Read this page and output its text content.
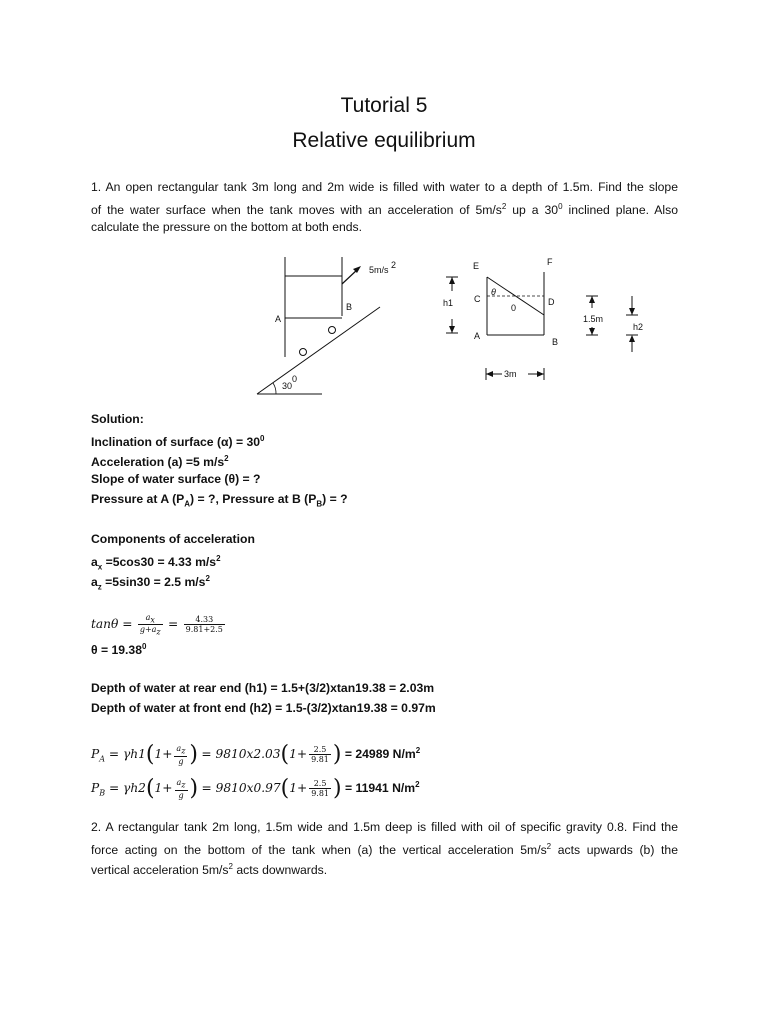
Tutorial 5
Relative equilibrium
1. An open rectangular tank 3m long and 2m wide is filled with water to a depth of 1.5m. Find the slope
of the water surface when the tank moves with an acceleration of $5m/s^2$ up a $30^0$ inclined plane. Also
calculate the pressure on the bottom at both ends.
30
0
5m/s 2
A
B
E	F
θ
0
C	D
A
B
h1
1.5m
h2
3m
Solution:
Inclination of surface $(\alpha) = 30^0$
Acceleration (a) =5 $m/s^2$
Slope of water surface (θ) = ?
Pressure at A $(P_A)$ = ?, Pressure at B $(P_B)$ = ?
Components of acceleration
$a_x =5\cos 30 = 4.33$ $m/s^2$
$a_z =5\sin 30 = 2.5$ $m/s^2$
$\tan\theta = \frac{a_x}{g+a_z} = \frac{4.33}{9.81+2.5}$
$\theta = 19.38^0$
Depth of water at rear end (h1) = 1.5+(3/2)xtan19.38 = 2.03m
Depth of water at front end (h2) = 1.5-(3/2)xtan19.38 = 0.97m
$P_A = \gamma h1(1+ \frac{a_z}{g}$ ) = $9810x2.03(1+ \frac{2.5}{9.81}$ ) = 24989 $N/m^2$
$P_B = \gamma h2(1+ \frac{a_z}{g}$ ) = $9810x0.97(1+ \frac{2.5}{9.81}$ ) = 11941 $N/m^2$
2. A rectangular tank 2m long, 1.5m wide and 1.5m deep is filled with oil of specific gravity 0.8. Find the
force acting on the bottom of the tank when (a) the vertical acceleration $5m/s^2$ acts upwards (b) the
vertical acceleration $5m/s^2$ acts downwards.
